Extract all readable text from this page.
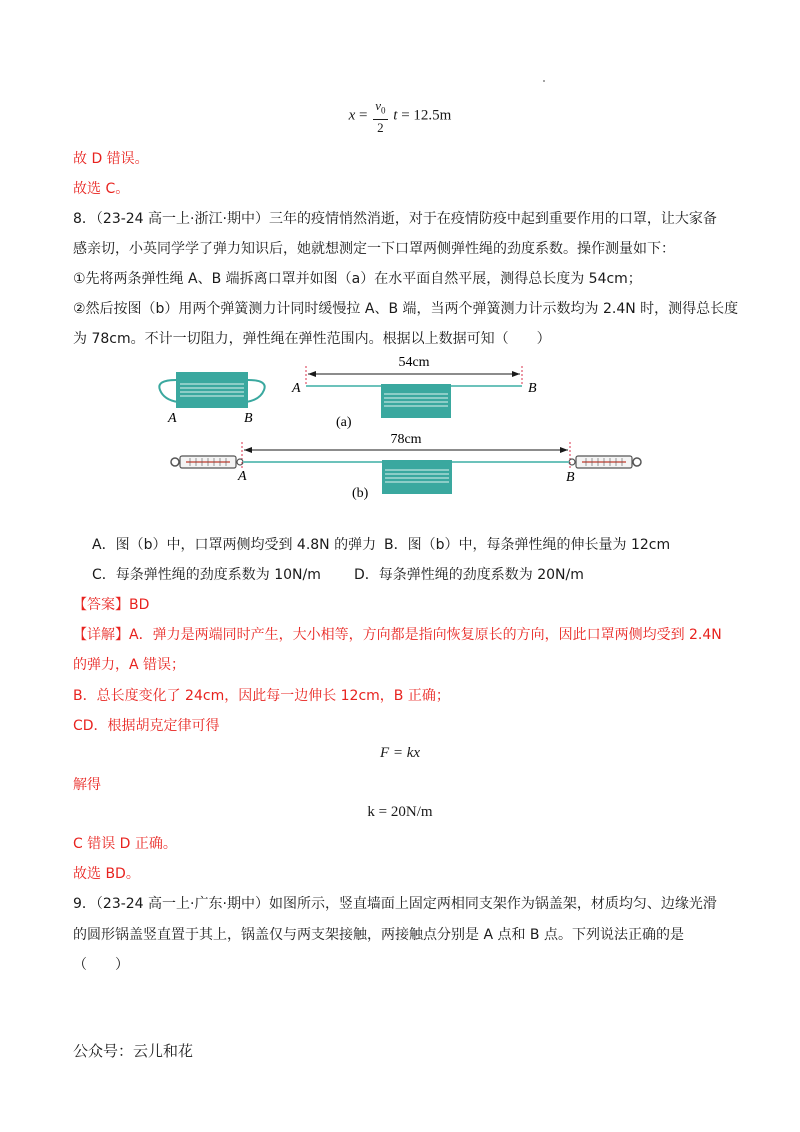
$x = \frac{v_0}{2}$ t = 12.5m
故 D 错误。
故选 C。
8．（23-24 高一上·浙江·期中）三年的疫情悄然消逝，对于在疫情防疫中起到重要作用的口罩，让大家备
感亲切，小英同学学了弹力知识后，她就想测定一下口罩两侧弹性绳的劲度系数。操作测量如下：
①先将两条弹性绳 A、B 端拆离口罩并如图（a）在水平面自然平展，测得总长度为 54cm；
②然后按图（b）用两个弹簧测力计同时缓慢拉 A、B 端，当两个弹簧测力计示数均为 2.4N 时，测得总长度
为 78cm。不计一切阻力，弹性绳在弹性范围内。根据以上数据可知（　　）
A	B
54cm
A	B
(a)
78cm
A	B
(b)
A．图（b）中，口罩两侧均受到 4.8N 的弹力 B．图（b）中，每条弹性绳的伸长量为 12cm
C．每条弹性绳的劲度系数为 10N/m D．每条弹性绳的劲度系数为 20N/m
【答案】BD
【详解】A．弹力是两端同时产生，大小相等，方向都是指向恢复原长的方向，因此口罩两侧均受到 2.4N
的弹力，A 错误；
B．总长度变化了 24cm，因此每一边伸长 12cm，B 正确；
CD．根据胡克定律可得
F = kx
解得
k = 20N/m
C 错误 D 正确。
故选 BD。
9．（23-24 高一上·广东·期中）如图所示，竖直墙面上固定两相同支架作为锅盖架，材质均匀、边缘光滑
的圆形锅盖竖直置于其上，锅盖仅与两支架接触，两接触点分别是 A 点和 B 点。下列说法正确的是
（　　）
公众号：云儿和花
